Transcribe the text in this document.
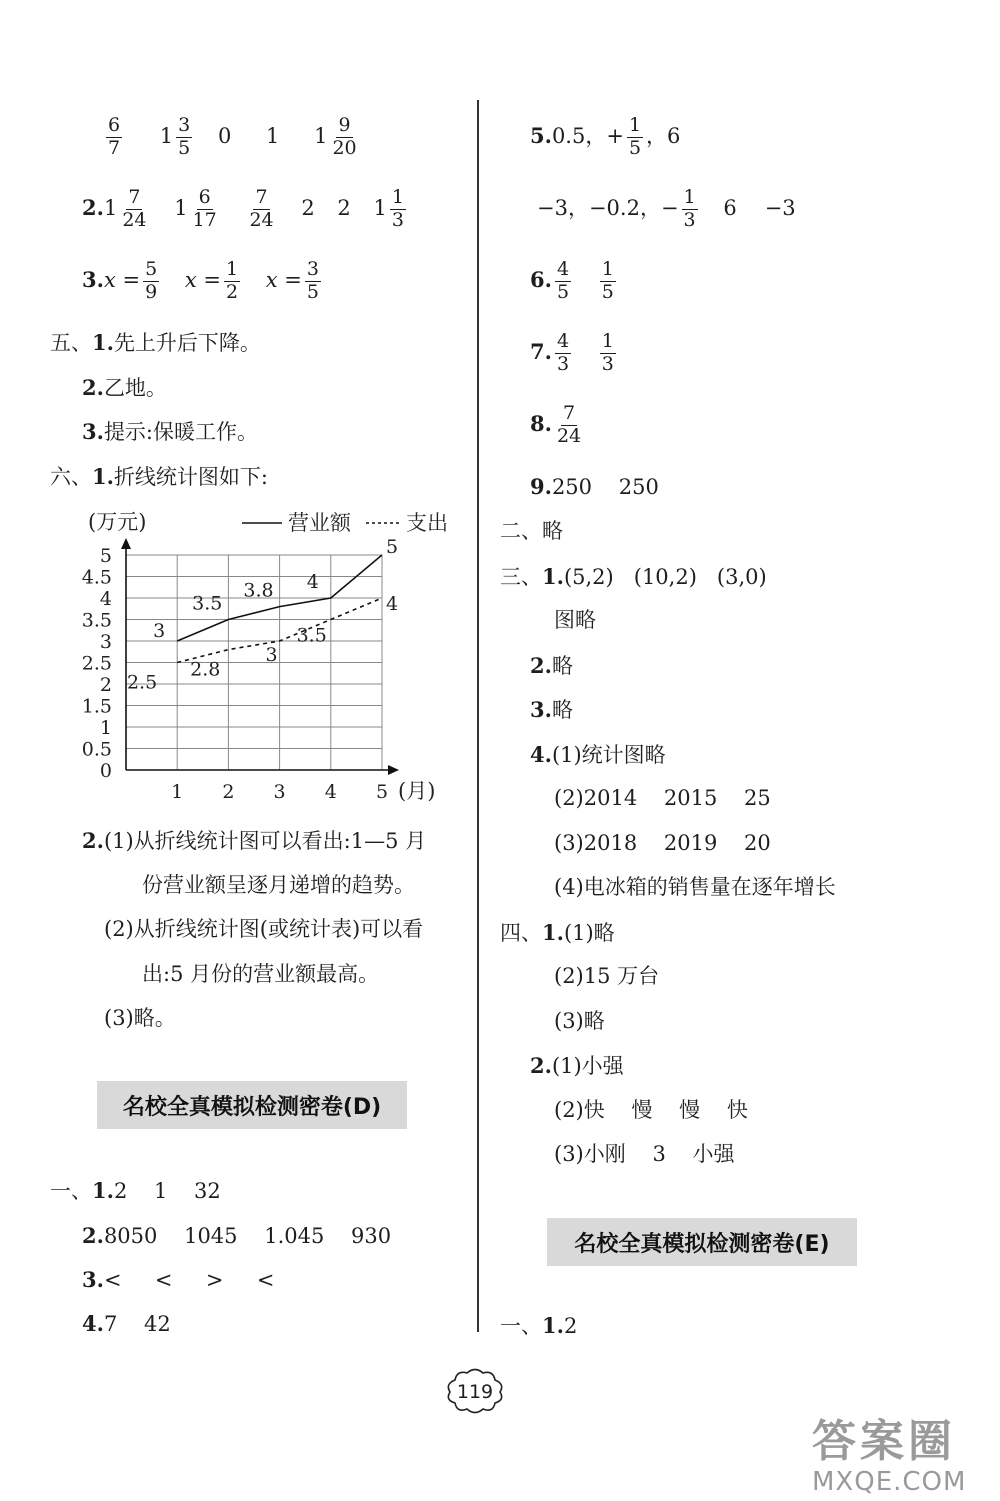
$\frac{6}{7} 1 \frac{3}{5} 0$ 1 $1 \frac{9}{20}$
$2.1 \frac{7}{24} 1 \frac{6}{17}$
$\frac{7}{24} 2$ 2 $1 \frac{1}{3}$
$3.x = \frac{5}{9}$ $x = \frac{1}{2}$ $x = \frac{3}{5}$
五、1.先上升后下降。
2.乙地。
3.提示:保暖工作。
六、1.折线统计图如下:
0
0.5
1
1.5
2
2.5
3
3.5
4
4.5
5
1 2 3 4 5 (月)
(万元)	营业额	支出
3
3.5
3.8 4
5
2.5
2.8
3
3.5
4
2.(1)从折线统计图可以看出:1—5 月
份营业额呈逐月递增的趋势。
(2)从折线统计图(或统计表)可以看
出:5 月份的营业额最高。
(3)略。
名校全真模拟检测密卷(D)
一、1.2    1    32
2.8050    1045    1.045    930
3.<     <     >     <
4.7    42
5.0.5，+ $\frac{1}{5}$ ，6
−3，−0.2，− $\frac{1}{3} 6 -3$
6. $\frac{4}{5}$
$\frac{1}{5}$
7. $\frac{4}{3}$
$\frac{1}{3}$
8. $\frac{7}{24}$
9.250    250
二、略
三、1.(5,2)   (10,2)   (3,0)
图略
2.略
3.略
4.(1)统计图略
(2)2014    2015    25
(3)2018    2019    20
(4)电冰箱的销售量在逐年增长
四、1.(1)略
(2)15 万台
(3)略
2.(1)小强
(2)快    慢    慢    快
(3)小刚    3    小强
名校全真模拟检测密卷(E)
一、1.2
119
答案圈
MXQE.COM
